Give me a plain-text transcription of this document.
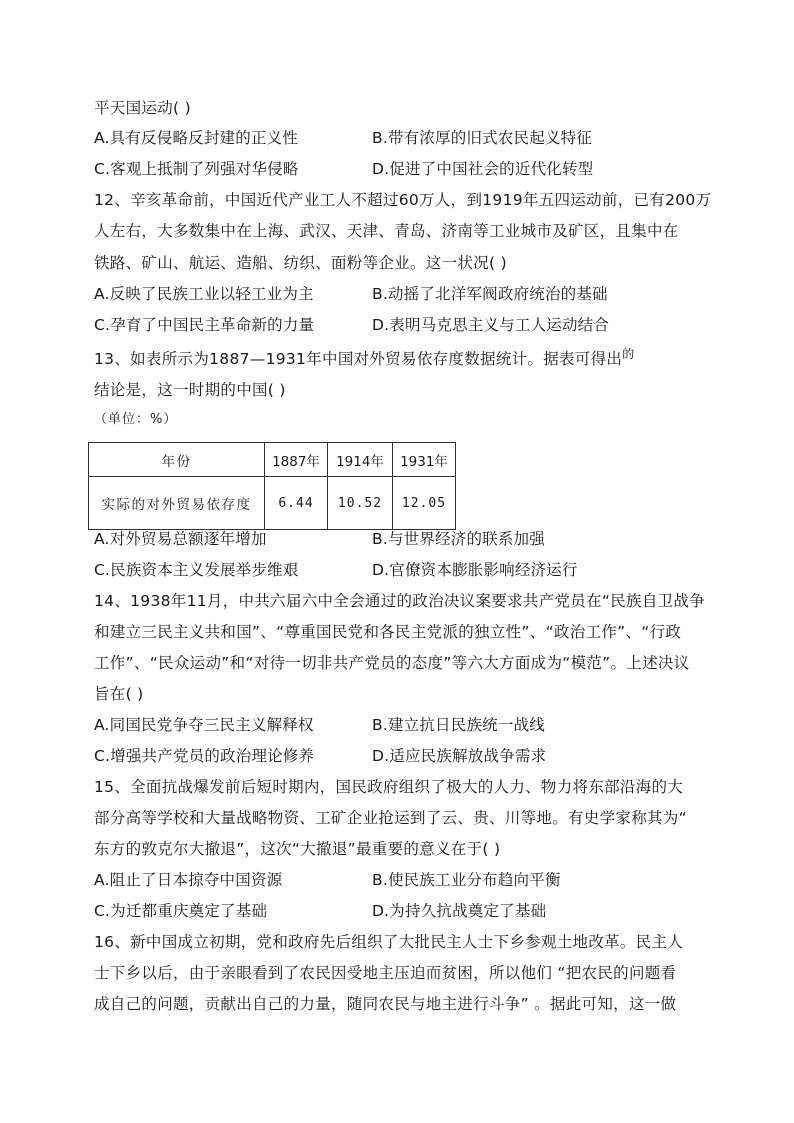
平天国运动( )
A.具有反侵略反封建的正义性	B.带有浓厚的旧式农民起义特征
C.客观上抵制了列强对华侵略	D.促进了中国社会的近代化转型
12、辛亥革命前，中国近代产业工人不超过60万人，到1919年五四运动前，已有200万
人左右，大多数集中在上海、武汉、天津、青岛、济南等工业城市及矿区，且集中在
铁路、矿山、航运、造船、纺织、面粉等企业。这一状况( )
A.反映了民族工业以轻工业为主	B.动摇了北洋军阀政府统治的基础
C.孕育了中国民主革命新的力量	D.表明马克思主义与工人运动结合
13、如表所示为1887—1931年中国对外贸易依存度数据统计。据表可得出$^的$
结论是，这一时期的中国( )
（单位：%）
年份	1887年	1914年	1931年
实际的对外贸易依存度	6.44	10.52	12.05
A.对外贸易总额逐年增加	B.与世界经济的联系加强
C.民族资本主义发展举步维艰	D.官僚资本膨胀影响经济运行
14、1938年11月，中共六届六中全会通过的政治决议案要求共产党员在“民族自卫战争
和建立三民主义共和国”、“尊重国民党和各民主党派的独立性”、“政治工作”、“行政
工作”、“民众运动”和“对待一切非共产党员的态度”等六大方面成为“模范”。上述决议
旨在( )
A.同国民党争夺三民主义解释权	B.建立抗日民族统一战线
C.增强共产党员的政治理论修养	D.适应民族解放战争需求
15、全面抗战爆发前后短时期内，国民政府组织了极大的人力、物力将东部沿海的大
部分高等学校和大量战略物资、工矿企业抢运到了云、贵、川等地。有史学家称其为“
东方的敦克尔大撤退”，这次“大撤退”最重要的意义在于( )
A.阻止了日本掠夺中国资源	B.使民族工业分布趋向平衡
C.为迁都重庆奠定了基础	D.为持久抗战奠定了基础
16、新中国成立初期，党和政府先后组织了大批民主人士下乡参观土地改革。民主人
士下乡以后，由于亲眼看到了农民因受地主压迫而贫困，所以他们 “把农民的问题看
成自己的问题，贡献出自己的力量，随同农民与地主进行斗争” 。据此可知，这一做
